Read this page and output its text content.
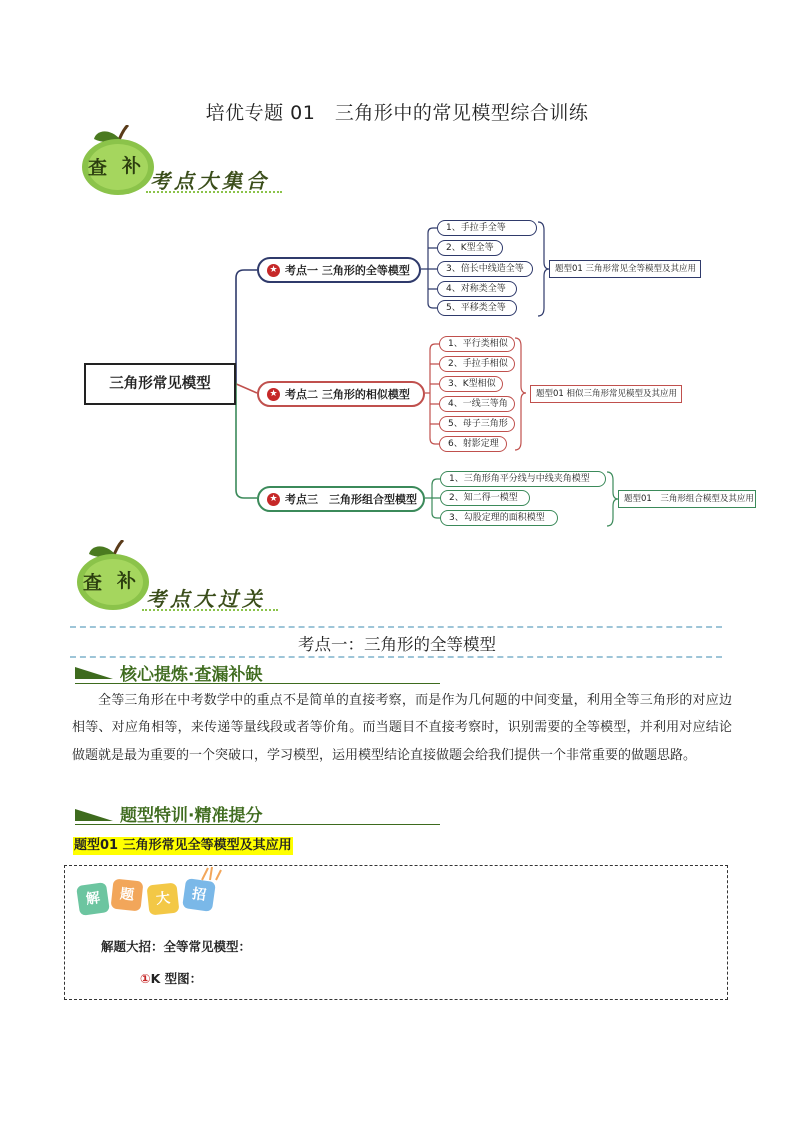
培优专题 01　三角形中的常见模型综合训练
查 补
考点大集合
三角形常见模型
★ 考点一 三角形的全等模型
1、手拉手全等
2、K型全等
3、倍长中线造全等
4、对称类全等
5、平移类全等
题型01 三角形常见全等模型及其应用
★ 考点二 三角形的相似模型
1、平行类相似
2、手拉手相似
3、K型相似
4、一线三等角
5、母子三角形
6、射影定理
题型01 相似三角形常见模型及其应用
★ 考点三　三角形组合型模型
1、三角形角平分线与中线夹角模型
2、知二得一模型
3、勾股定理的面积模型
题型01　三角形组合模型及其应用
查 补
考点大过关
考点一：三角形的全等模型
核心提炼·查漏补缺
全等三角形在中考数学中的重点不是简单的直接考察，而是作为几何题的中间变量，利用全等三角形的对应边相等、对应角相等，来传递等量线段或者等价角。而当题目不直接考察时，识别需要的全等模型，并利用对应结论做题就是最为重要的一个突破口，学习模型，运用模型结论直接做题会给我们提供一个非常重要的做题思路。
题型特训·精准提分
题型01 三角形常见全等模型及其应用
解	题	大	招
解题大招：全等常见模型：
①K 型图：
